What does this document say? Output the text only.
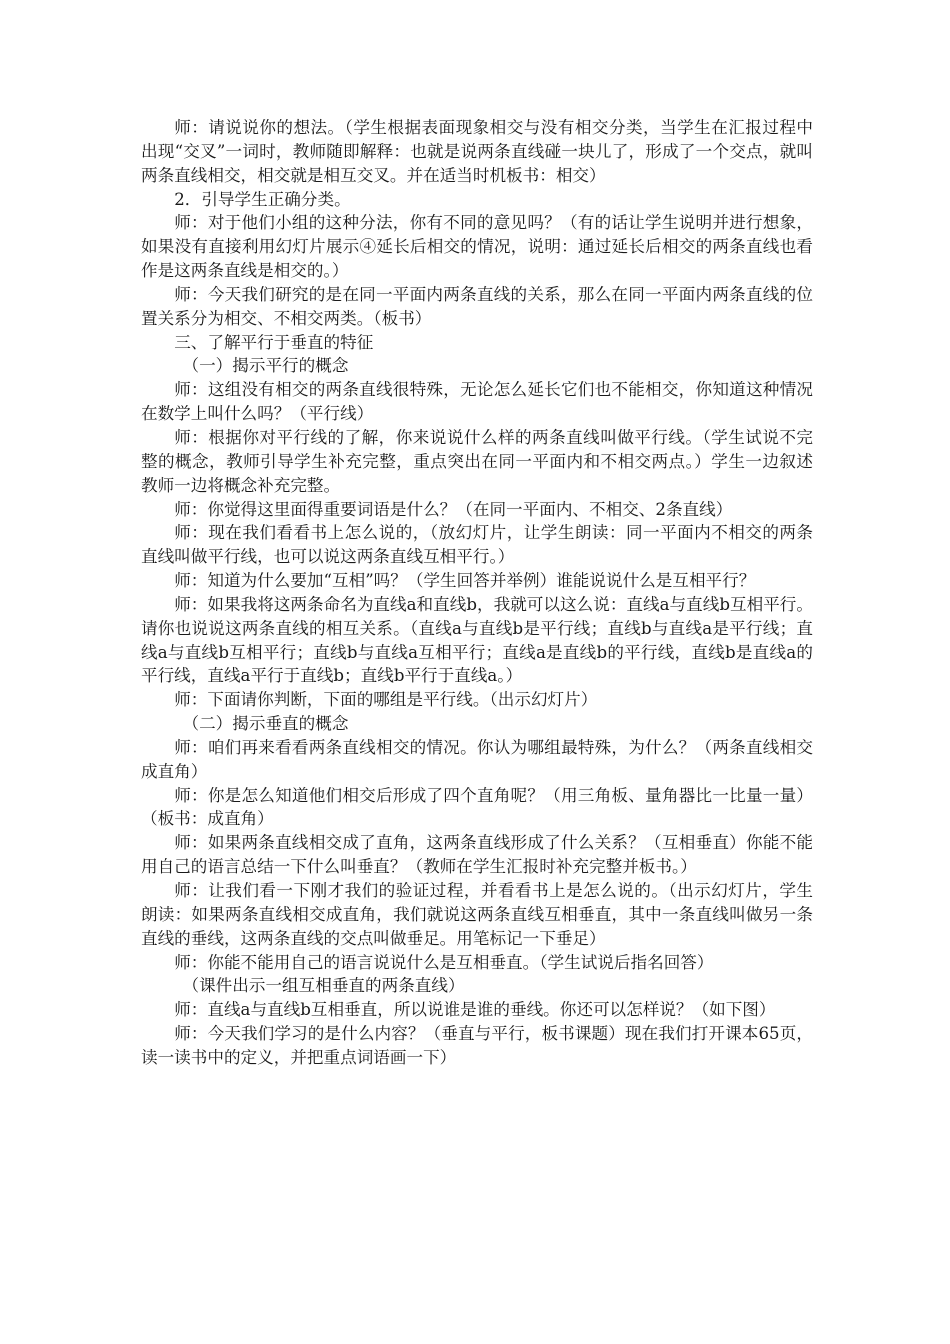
师：请说说你的想法。（学生根据表面现象相交与没有相交分类，当学生在汇报过程中出现“交叉”一词时，教师随即解释：也就是说两条直线碰一块儿了，形成了一个交点，就叫两条直线相交，相交就是相互交叉。并在适当时机板书：相交）

2．引导学生正确分类。

师：对于他们小组的这种分法，你有不同的意见吗？（有的话让学生说明并进行想象，如果没有直接利用幻灯片展示④延长后相交的情况，说明：通过延长后相交的两条直线也看作是这两条直线是相交的。）

师：今天我们研究的是在同一平面内两条直线的关系，那么在同一平面内两条直线的位置关系分为相交、不相交两类。（板书）

三、了解平行于垂直的特征

（一）揭示平行的概念

师：这组没有相交的两条直线很特殊，无论怎么延长它们也不能相交，你知道这种情况在数学上叫什么吗？（平行线）

师：根据你对平行线的了解，你来说说什么样的两条直线叫做平行线。（学生试说不完整的概念，教师引导学生补充完整，重点突出在同一平面内和不相交两点。）学生一边叙述教师一边将概念补充完整。

师：你觉得这里面得重要词语是什么？（在同一平面内、不相交、2条直线）

师：现在我们看看书上怎么说的，（放幻灯片，让学生朗读：同一平面内不相交的两条直线叫做平行线，也可以说这两条直线互相平行。）

师：知道为什么要加“互相”吗？（学生回答并举例）谁能说说什么是互相平行？

师：如果我将这两条命名为直线a和直线b，我就可以这么说：直线a与直线b互相平行。请你也说说这两条直线的相互关系。（直线a与直线b是平行线；直线b与直线a是平行线；直线a与直线b互相平行；直线b与直线a互相平行；直线a是直线b的平行线，直线b是直线a的平行线，直线a平行于直线b；直线b平行于直线a。）

师：下面请你判断，下面的哪组是平行线。（出示幻灯片）

（二）揭示垂直的概念

师：咱们再来看看两条直线相交的情况。你认为哪组最特殊，为什么？（两条直线相交成直角）

师：你是怎么知道他们相交后形成了四个直角呢？（用三角板、量角器比一比量一量）（板书：成直角）

师：如果两条直线相交成了直角，这两条直线形成了什么关系？（互相垂直）你能不能用自己的语言总结一下什么叫垂直？（教师在学生汇报时补充完整并板书。）

师：让我们看一下刚才我们的验证过程，并看看书上是怎么说的。（出示幻灯片，学生朗读：如果两条直线相交成直角，我们就说这两条直线互相垂直，其中一条直线叫做另一条直线的垂线，这两条直线的交点叫做垂足。用笔标记一下垂足）

师：你能不能用自己的语言说说什么是互相垂直。（学生试说后指名回答）

（课件出示一组互相垂直的两条直线）

师：直线a与直线b互相垂直，所以说谁是谁的垂线。你还可以怎样说？（如下图）

师：今天我们学习的是什么内容？（垂直与平行，板书课题）现在我们打开课本65页，读一读书中的定义，并把重点词语画一下）
